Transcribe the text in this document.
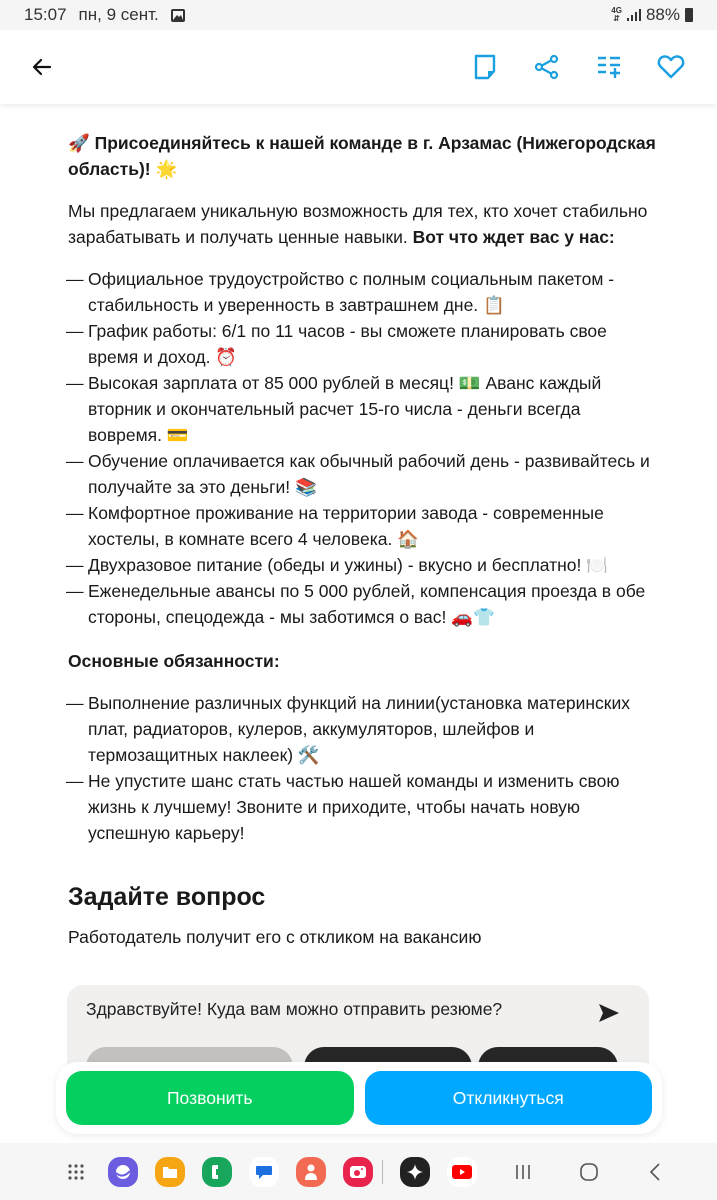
15:07 пн, 9 сент.	4G
⇵ 88%
🚀 Присоединяйтесь к нашей команде в г. Арзамас (Нижегородская область)! 🌟
Мы предлагаем уникальную возможность для тех, кто хочет стабильно зарабатывать и получать ценные навыки. Вот что ждет вас у нас:
— Официальное трудоустройство с полным социальным пакетом - стабильность и уверенность в завтрашнем дне. 📋
— График работы: 6/1 по 11 часов - вы сможете планировать свое время и доход. ⏰
— Высокая зарплата от 85 000 рублей в месяц! 💵 Аванс каждый вторник и окончательный расчет 15-го числа - деньги всегда вовремя. 💳
— Обучение оплачивается как обычный рабочий день - развивайтесь и получайте за это деньги! 📚
— Комфортное проживание на территории завода - современные хостелы, в комнате всего 4 человека. 🏠
— Двухразовое питание (обеды и ужины) - вкусно и бесплатно! 🍽️
— Еженедельные авансы по 5 000 рублей, компенсация проезда в обе стороны, спецодежда - мы заботимся о вас! 🚗👕
Основные обязанности:
— Выполнение различных функций на линии(установка материнских плат, радиаторов, кулеров, аккумуляторов, шлейфов и термозащитных наклеек) 🛠️
— Не упустите шанс стать частью нашей команды и изменить свою жизнь к лучшему! Звоните и приходите, чтобы начать новую успешную карьеру!
Задайте вопрос
Работодатель получит его с откликом на вакансию
Здравствуйте! Куда вам можно отправить резюме?
Позвонить	Откликнуться
